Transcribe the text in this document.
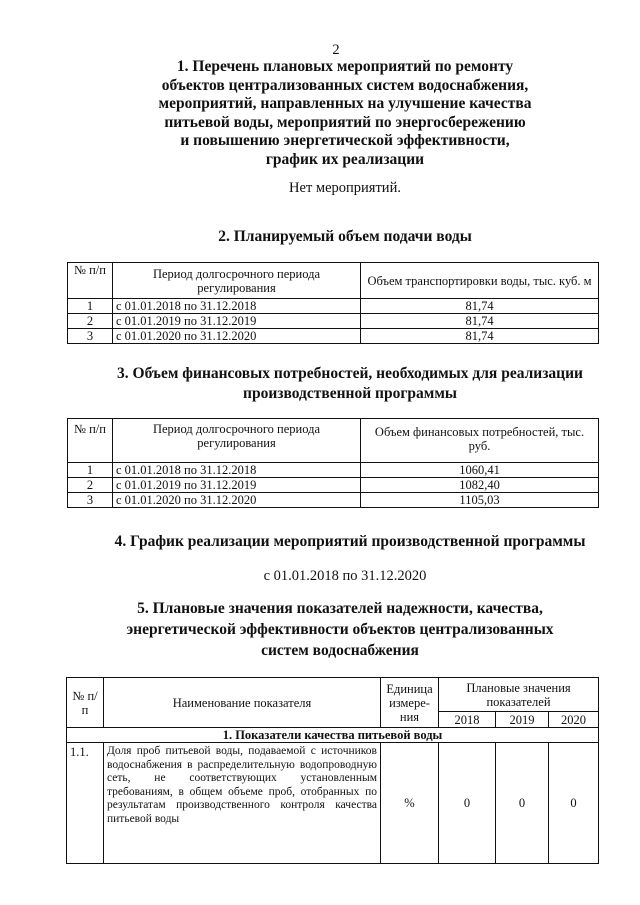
2
1. Перечень плановых мероприятий по ремонту
объектов централизованных систем водоснабжения,
мероприятий, направленных на улучшение качества
питьевой воды, мероприятий по энергосбережению
и повышению энергетической эффективности,
график их реализации
Нет мероприятий.
2. Планируемый объем подачи воды
№ п/п	Период долгосрочного периода регулирования	Объем транспортировки воды, тыс. куб. м
1	с 01.01.2018 по 31.12.2018	81,74
2	с 01.01.2019 по 31.12.2019	81,74
3	с 01.01.2020 по 31.12.2020	81,74
3. Объем финансовых потребностей, необходимых для реализации
производственной программы
№ п/п	Период долгосрочного периода регулирования	Объем финансовых потребностей, тыс. руб.
1	с 01.01.2018 по 31.12.2018	1060,41
2	с 01.01.2019 по 31.12.2019	1082,40
3	с 01.01.2020 по 31.12.2020	1105,03
4. График реализации мероприятий производственной программы
с 01.01.2018 по 31.12.2020
5. Плановые значения показателей надежности, качества,
энергетической эффективности объектов централизованных
систем водоснабжения
№ п/п	Наименование показателя	Единица измере-ния	Плановые значения показателей		
			2018	2019	2020
1. Показатели качества питьевой воды					
1.1.	Доля проб питьевой воды, подаваемой с источников водоснабжения в распределительную водопроводную сеть, не соответствующих установленным требованиям, в общем объеме проб, отобранных по результатам производственного контроля качества питьевой воды	%	0	0	0
